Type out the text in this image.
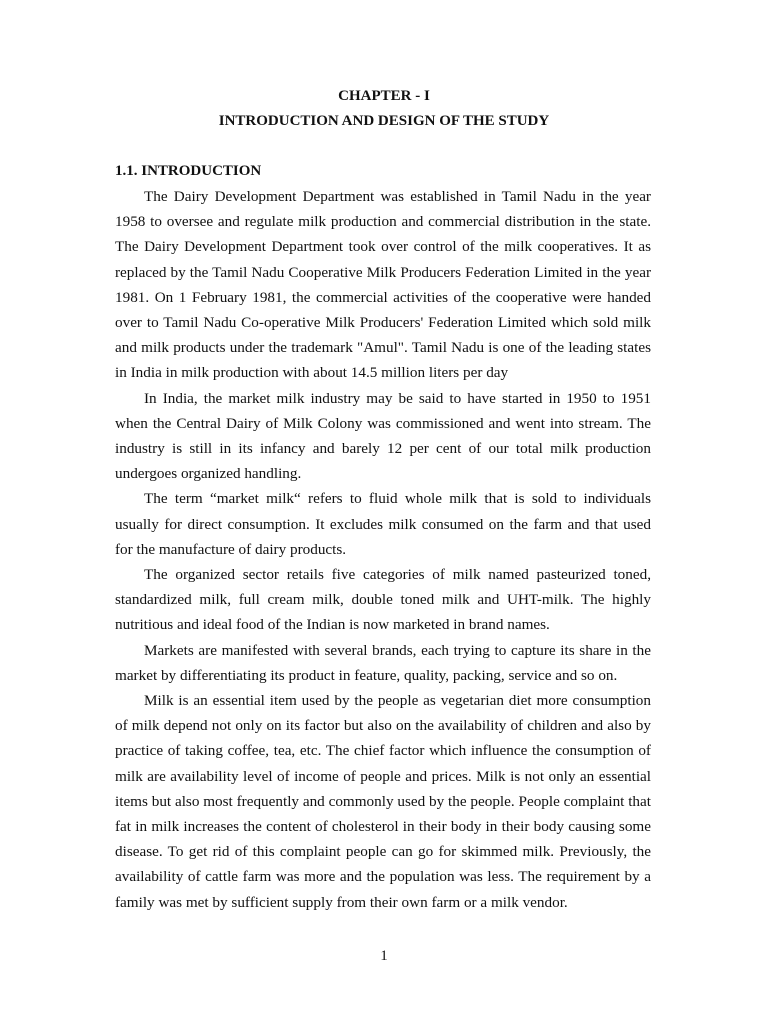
CHAPTER - I

INTRODUCTION AND DESIGN OF THE STUDY

1.1. INTRODUCTION

The Dairy Development Department was established in Tamil Nadu in the year 1958 to oversee and regulate milk production and commercial distribution in the state. The Dairy Development Department took over control of the milk cooperatives. It as replaced by the Tamil Nadu Cooperative Milk Producers Federation Limited in the year 1981. On 1 February 1981, the commercial activities of the cooperative were handed over to Tamil Nadu Co-operative Milk Producers' Federation Limited which sold milk and milk products under the trademark "Amul". Tamil Nadu is one of the leading states in India in milk production with about 14.5 million liters per day

In India, the market milk industry may be said to have started in 1950 to 1951 when the Central Dairy of Milk Colony was commissioned and went into stream. The industry is still in its infancy and barely 12 per cent of our total milk production undergoes organized handling.

The term “market milk“ refers to fluid whole milk that is sold to individuals usually for direct consumption. It excludes milk consumed on the farm and that used for the manufacture of dairy products.

The organized sector retails five categories of milk named pasteurized toned, standardized milk, full cream milk, double toned milk and UHT-milk. The highly nutritious and ideal food of the Indian is now marketed in brand names.

Markets are manifested with several brands, each trying to capture its share in the market by differentiating its product in feature, quality, packing, service and so on.

Milk is an essential item used by the people as vegetarian diet more consumption of milk depend not only on its factor but also on the availability of children and also by practice of taking coffee, tea, etc. The chief factor which influence the consumption of milk are availability level of income of people and prices. Milk is not only an essential items but also most frequently and commonly used by the people. People complaint that fat in milk increases the content of cholesterol in their body in their body causing some disease. To get rid of this complaint people can go for skimmed milk. Previously, the availability of cattle farm was more and the population was less. The requirement by a family was met by sufficient supply from their own farm or a milk vendor.

1
